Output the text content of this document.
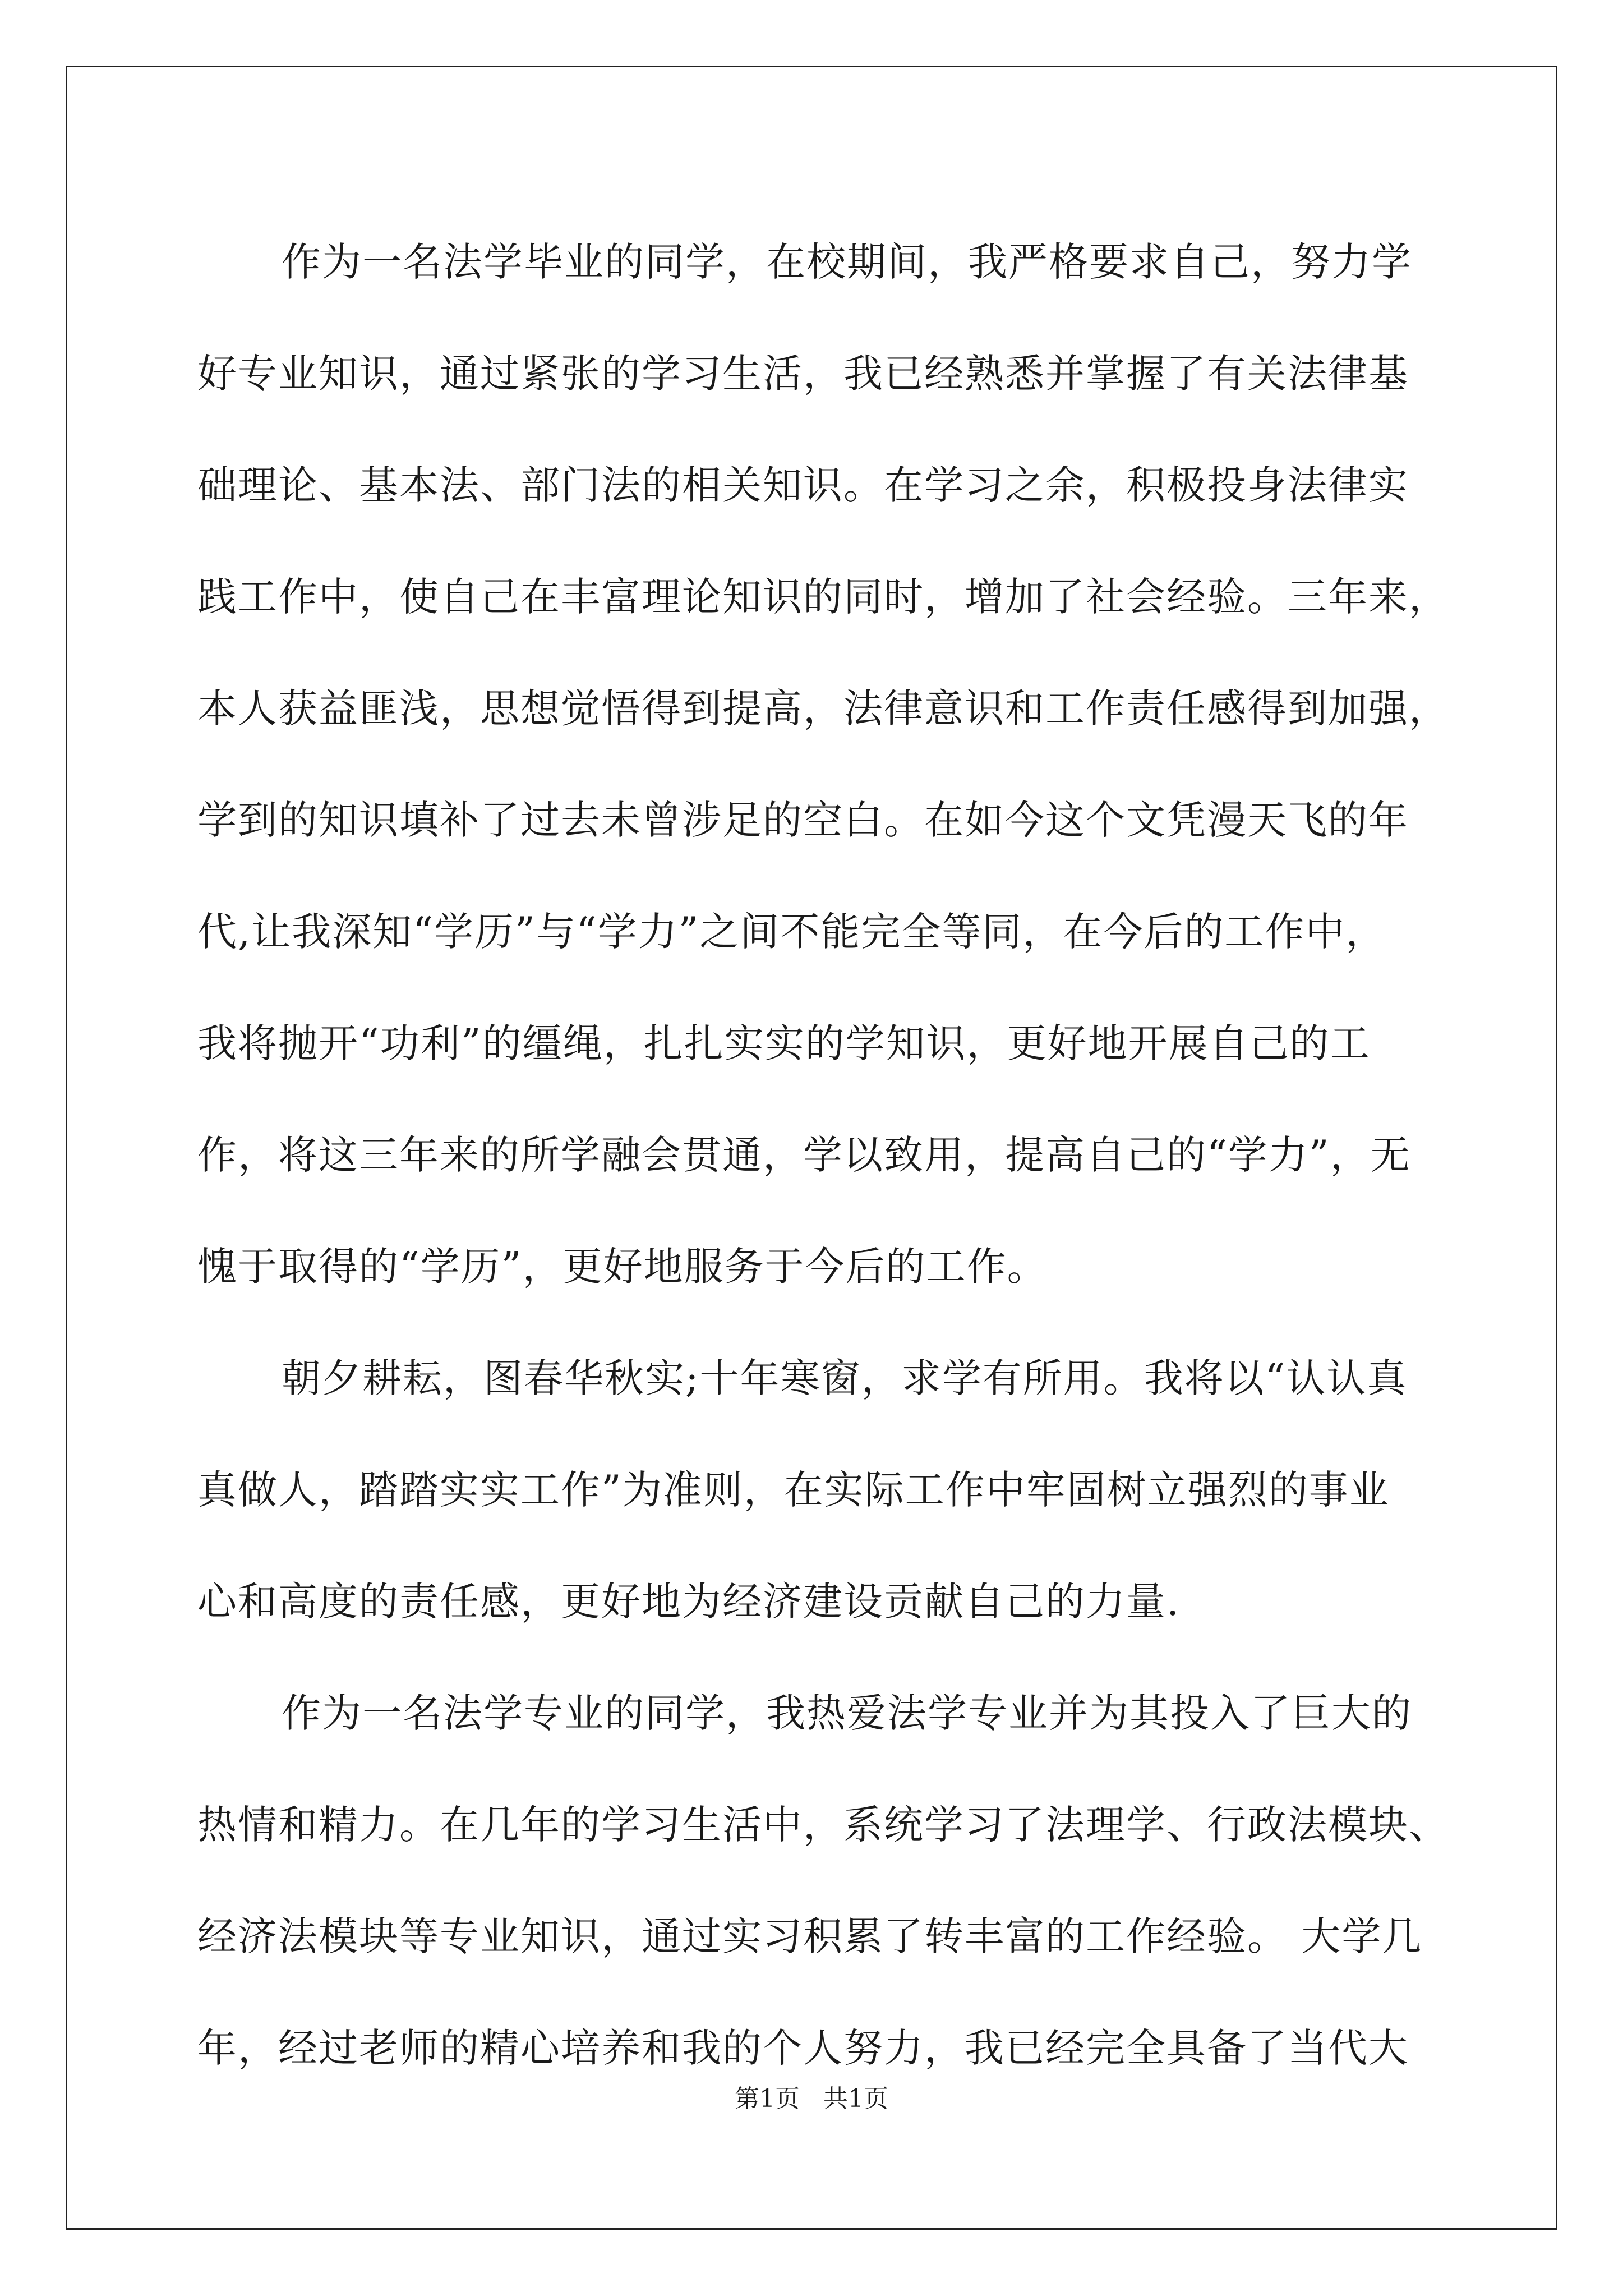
作为一名法学毕业的同学，在校期间，我严格要求自己，努力学
好专业知识，通过紧张的学习生活，我已经熟悉并掌握了有关法律基
础理论、基本法、部门法的相关知识。在学习之余，积极投身法律实
践工作中，使自己在丰富理论知识的同时，增加了社会经验。三年来，
本人获益匪浅，思想觉悟得到提高，法律意识和工作责任感得到加强，
学到的知识填补了过去未曾涉足的空白。在如今这个文凭漫天飞的年
代,让我深知“学历”与“学力”之间不能完全等同，在今后的工作中，
我将抛开“功利”的缰绳，扎扎实实的学知识，更好地开展自己的工
作，将这三年来的所学融会贯通，学以致用，提高自己的“学力”，无
愧于取得的“学历”，更好地服务于今后的工作。
朝夕耕耘，图春华秋实;十年寒窗，求学有所用。我将以“认认真
真做人，踏踏实实工作”为准则，在实际工作中牢固树立强烈的事业
心和高度的责任感，更好地为经济建设贡献自己的力量.
作为一名法学专业的同学，我热爱法学专业并为其投入了巨大的
热情和精力。在几年的学习生活中，系统学习了法理学、行政法模块、
经济法模块等专业知识，通过实习积累了转丰富的工作经验。 大学几
年，经过老师的精心培养和我的个人努力，我已经完全具备了当代大
第1页   共1页
